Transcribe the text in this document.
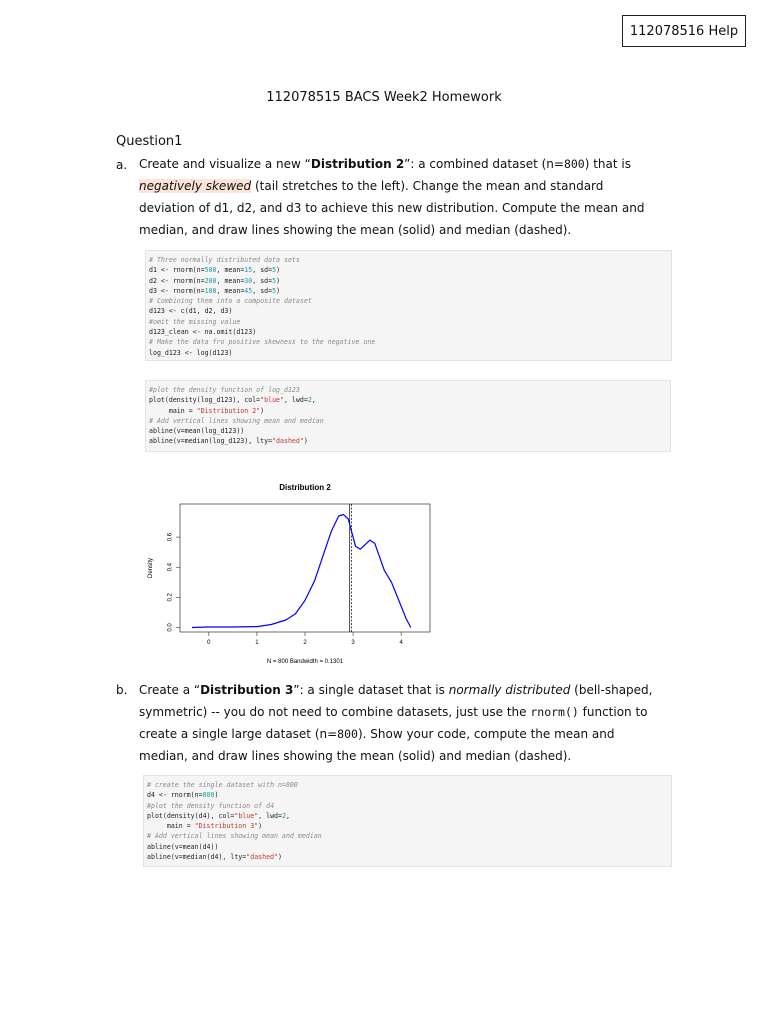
112078516 Help
112078515 BACS Week2 Homework
Question1
a. Create and visualize a new “Distribution 2”: a combined dataset (n=800) that is negatively skewed (tail stretches to the left). Change the mean and standard deviation of d1, d2, and d3 to achieve this new distribution. Compute the mean and median, and draw lines showing the mean (solid) and median (dashed).
# Three normally distributed data sets
d1 <- rnorm(n=500, mean=15, sd=5)
d2 <- rnorm(n=200, mean=30, sd=5)
d3 <- rnorm(n=100, mean=45, sd=5)
# Combining them into a composite dataset
d123 <- c(d1, d2, d3)
#omit the missing value
d123_clean <- na.omit(d123)
# Make the data fro positive skewness to the negative one
log_d123 <- log(d123)
#plot the density function of log_d123
plot(density(log_d123), col="blue", lwd=2,
main = "Distribution 2")
# Add vertical lines showing mean and median
abline(v=mean(log_d123))
abline(v=median(log_d123), lty="dashed")
Distribution 2
N = 800 Bandwidth = 0.1301
Density
0	1	2	3	4
0.0
0.2
0.4
0.6
b. Create a “Distribution 3”: a single dataset that is normally distributed (bell-shaped, symmetric) -- you do not need to combine datasets, just use the rnorm() function to create a single large dataset (n=800). Show your code, compute the mean and median, and draw lines showing the mean (solid) and median (dashed).
# create the single dataset with n=800
d4 <- rnorm(n=800)
#plot the density function of d4
plot(density(d4), col="blue", lwd=2,
main = "Distribution 3")
# Add vertical lines showing mean and median
abline(v=mean(d4))
abline(v=median(d4), lty="dashed")
